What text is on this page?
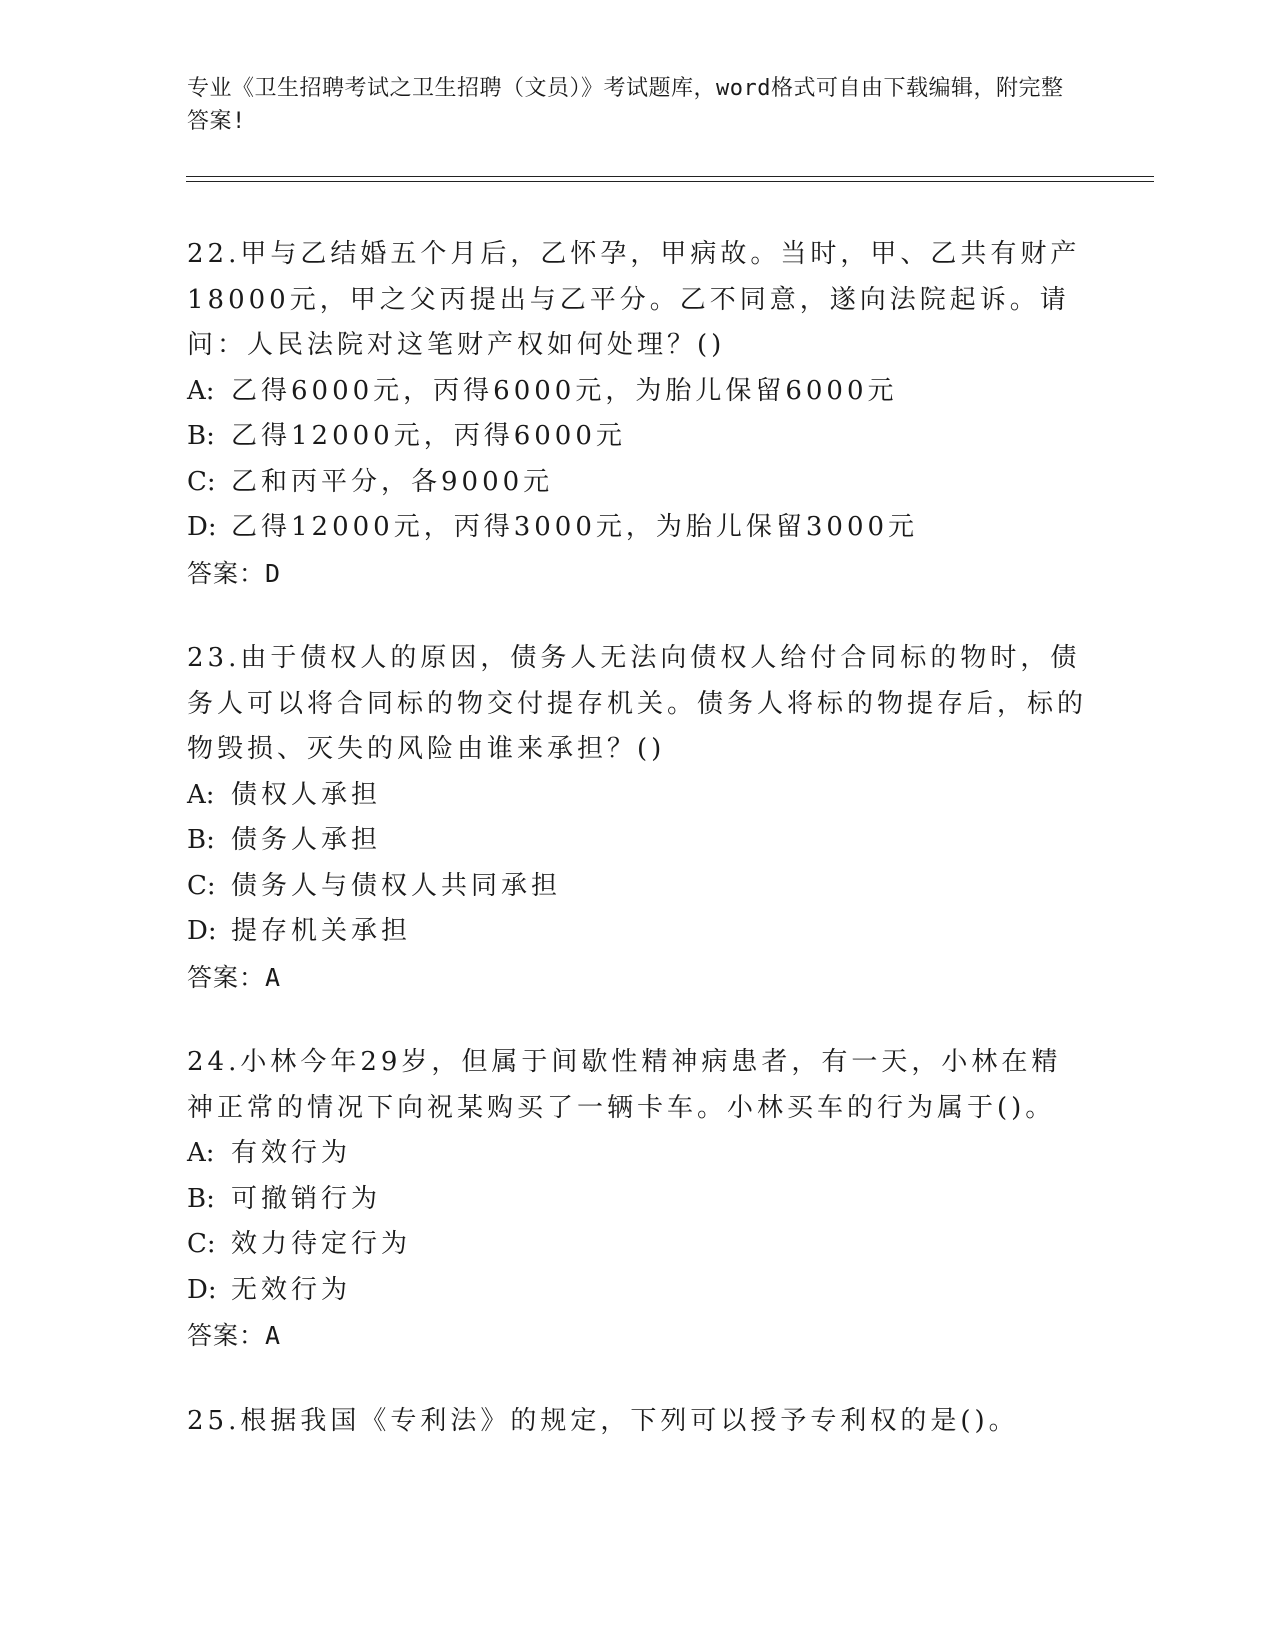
专业《卫生招聘考试之卫生招聘（文员）》考试题库，word格式可自由下载编辑，附完整答案!
22.甲与乙结婚五个月后，乙怀孕，甲病故。当时，甲、乙共有财产18000元，甲之父丙提出与乙平分。乙不同意，遂向法院起诉。请问：人民法院对这笔财产权如何处理？()
A: 乙得6000元，丙得6000元，为胎儿保留6000元
B: 乙得12000元，丙得6000元
C: 乙和丙平分，各9000元
D: 乙得12000元，丙得3000元，为胎儿保留3000元
答案：D
23.由于债权人的原因，债务人无法向债权人给付合同标的物时，债务人可以将合同标的物交付提存机关。债务人将标的物提存后，标的物毁损、灭失的风险由谁来承担？()
A: 债权人承担
B: 债务人承担
C: 债务人与债权人共同承担
D: 提存机关承担
答案：A
24.小林今年29岁，但属于间歇性精神病患者，有一天，小林在精神正常的情况下向祝某购买了一辆卡车。小林买车的行为属于()。
A: 有效行为
B: 可撤销行为
C: 效力待定行为
D: 无效行为
答案：A
25.根据我国《专利法》的规定，下列可以授予专利权的是()。
